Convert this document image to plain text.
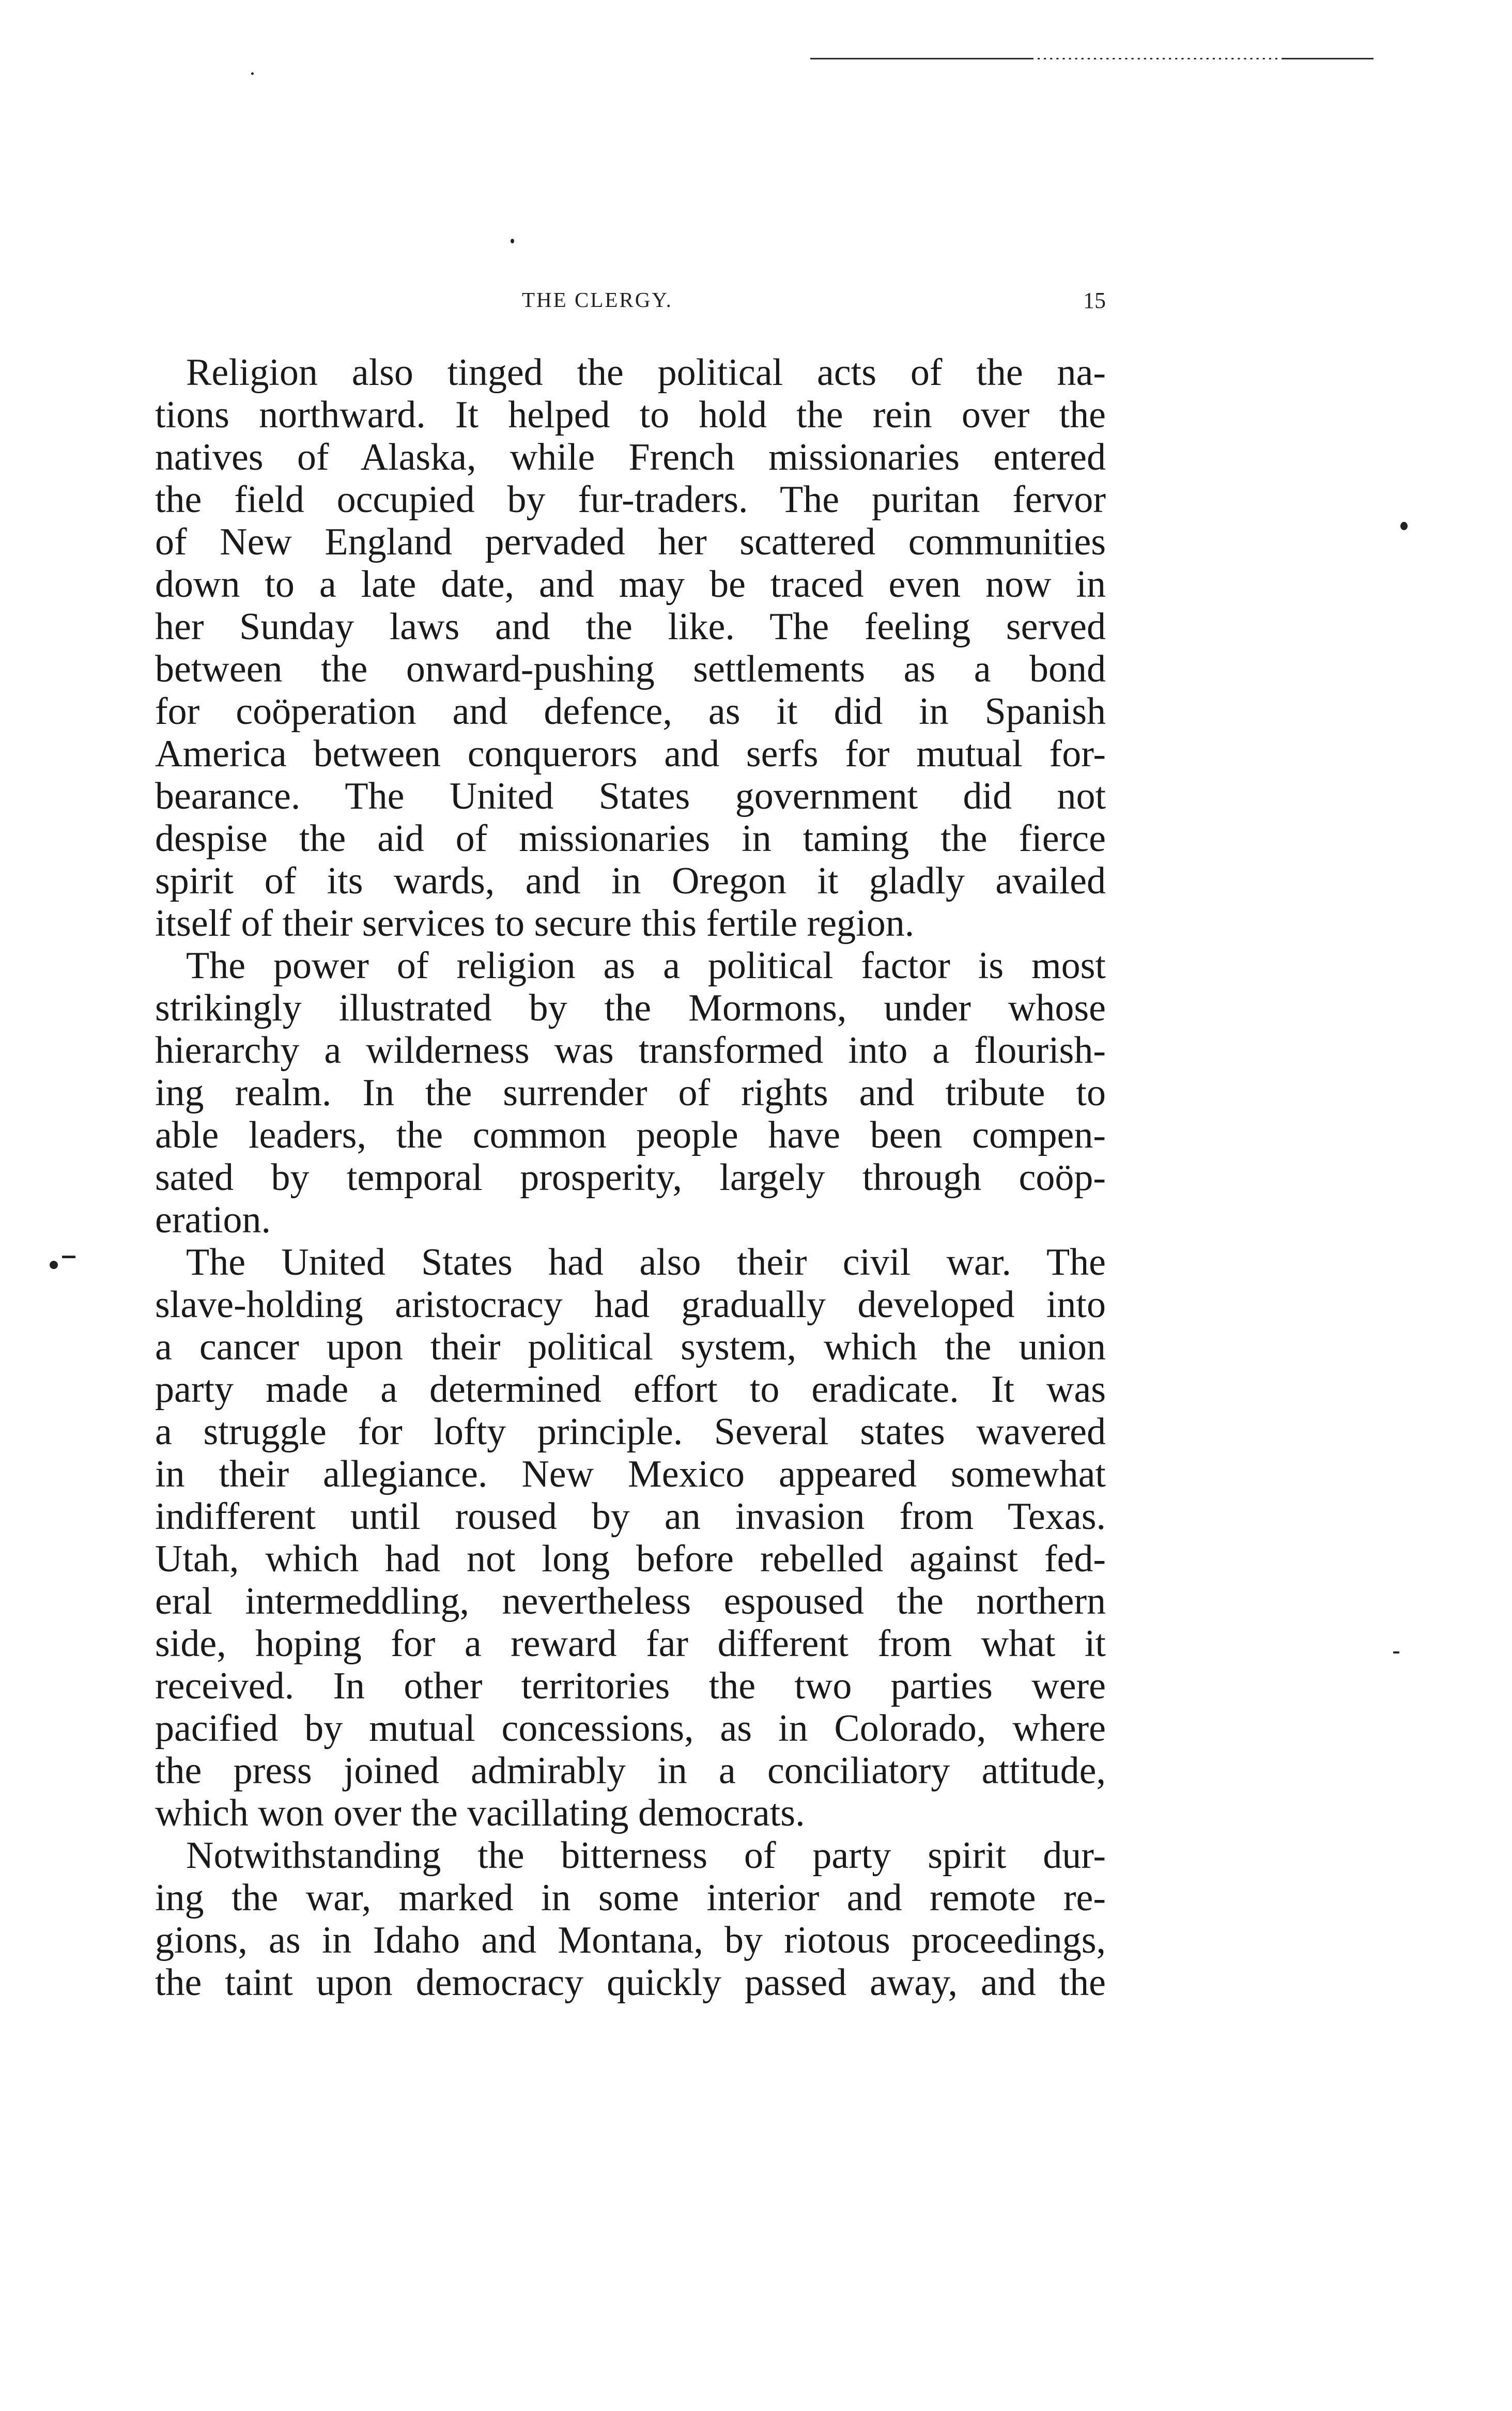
THE CLERGY.	15
Religion also tinged the political acts of the na-
tions northward. It helped to hold the rein over the
natives of Alaska, while French missionaries entered
the field occupied by fur-traders. The puritan fervor
of New England pervaded her scattered communities
down to a late date, and may be traced even now in
her Sunday laws and the like. The feeling served
between the onward-pushing settlements as a bond
for coöperation and defence, as it did in Spanish
America between conquerors and serfs for mutual for-
bearance. The United States government did not
despise the aid of missionaries in taming the fierce
spirit of its wards, and in Oregon it gladly availed
itself of their services to secure this fertile region.
The power of religion as a political factor is most
strikingly illustrated by the Mormons, under whose
hierarchy a wilderness was transformed into a flourish-
ing realm. In the surrender of rights and tribute to
able leaders, the common people have been compen-
sated by temporal prosperity, largely through coöp-
eration.
The United States had also their civil war. The
slave-holding aristocracy had gradually developed into
a cancer upon their political system, which the union
party made a determined effort to eradicate. It was
a struggle for lofty principle. Several states wavered
in their allegiance. New Mexico appeared somewhat
indifferent until roused by an invasion from Texas.
Utah, which had not long before rebelled against fed-
eral intermeddling, nevertheless espoused the northern
side, hoping for a reward far different from what it
received. In other territories the two parties were
pacified by mutual concessions, as in Colorado, where
the press joined admirably in a conciliatory attitude,
which won over the vacillating democrats.
Notwithstanding the bitterness of party spirit dur-
ing the war, marked in some interior and remote re-
gions, as in Idaho and Montana, by riotous proceedings,
the taint upon democracy quickly passed away, and the
